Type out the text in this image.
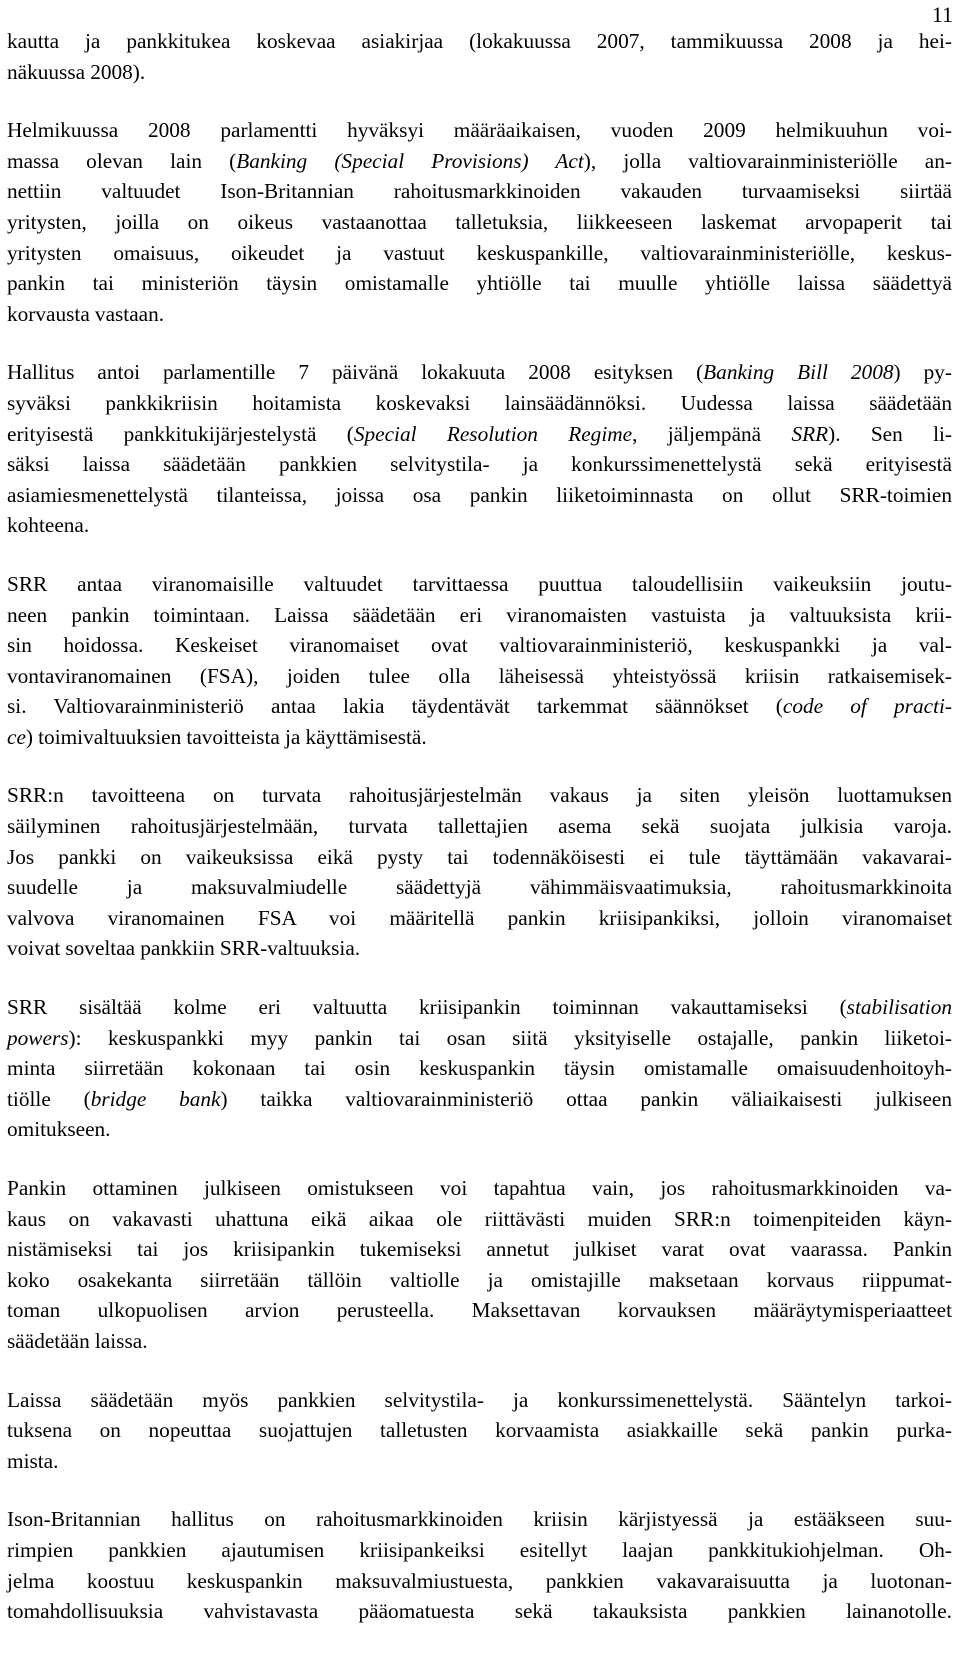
11

kautta ja pankkitukea koskevaa asiakirjaa (lokakuussa 2007, tammikuussa 2008 ja hei-
näkuussa 2008).

Helmikuussa 2008 parlamentti hyväksyi määräaikaisen, vuoden 2009 helmikuuhun voi-
massa olevan lain (Banking (Special Provisions) Act), jolla valtiovarainministeriölle an-
nettiin valtuudet Ison-Britannian rahoitusmarkkinoiden vakauden turvaamiseksi siirtää
yritysten, joilla on oikeus vastaanottaa talletuksia, liikkeeseen laskemat arvopaperit tai
yritysten omaisuus, oikeudet ja vastuut keskuspankille, valtiovarainministeriölle, keskus-
pankin tai ministeriön täysin omistamalle yhtiölle tai muulle yhtiölle laissa säädettyä
korvausta vastaan.

Hallitus antoi parlamentille 7 päivänä lokakuuta 2008 esityksen (Banking Bill 2008) py-
syväksi pankkikriisin hoitamista koskevaksi lainsäädännöksi. Uudessa laissa säädetään
erityisestä pankkitukijärjestelystä (Special Resolution Regime, jäljempänä SRR). Sen li-
säksi laissa säädetään pankkien selvitystila- ja konkurssimenettelystä sekä erityisestä
asiamiesmenettelystä tilanteissa, joissa osa pankin liiketoiminnasta on ollut SRR-toimien
kohteena.

SRR antaa viranomaisille valtuudet tarvittaessa puuttua taloudellisiin vaikeuksiin joutu-
neen pankin toimintaan. Laissa säädetään eri viranomaisten vastuista ja valtuuksista krii-
sin hoidossa. Keskeiset viranomaiset ovat valtiovarainministeriö, keskuspankki ja val-
vontaviranomainen (FSA), joiden tulee olla läheisessä yhteistyössä kriisin ratkaisemisek-
si. Valtiovarainministeriö antaa lakia täydentävät tarkemmat säännökset (code of practi-
ce) toimivaltuuksien tavoitteista ja käyttämisestä.

SRR:n tavoitteena on turvata rahoitusjärjestelmän vakaus ja siten yleisön luottamuksen
säilyminen rahoitusjärjestelmään, turvata tallettajien asema sekä suojata julkisia varoja.
Jos pankki on vaikeuksissa eikä pysty tai todennäköisesti ei tule täyttämään vakavarai-
suudelle ja maksuvalmiudelle säädettyjä vähimmäisvaatimuksia, rahoitusmarkkinoita
valvova viranomainen FSA voi määritellä pankin kriisipankiksi, jolloin viranomaiset
voivat soveltaa pankkiin SRR-valtuuksia.

SRR sisältää kolme eri valtuutta kriisipankin toiminnan vakauttamiseksi (stabilisation
powers): keskuspankki myy pankin tai osan siitä yksityiselle ostajalle, pankin liiketoi-
minta siirretään kokonaan tai osin keskuspankin täysin omistamalle omaisuudenhoitoyh-
tiölle (bridge bank) taikka valtiovarainministeriö ottaa pankin väliaikaisesti julkiseen
omitukseen.

Pankin ottaminen julkiseen omistukseen voi tapahtua vain, jos rahoitusmarkkinoiden va-
kaus on vakavasti uhattuna eikä aikaa ole riittävästi muiden SRR:n toimenpiteiden käyn-
nistämiseksi tai jos kriisipankin tukemiseksi annetut julkiset varat ovat vaarassa. Pankin
koko osakekanta siirretään tällöin valtiolle ja omistajille maksetaan korvaus riippumat-
toman ulkopuolisen arvion perusteella. Maksettavan korvauksen määräytymisperiaatteet
säädetään laissa.

Laissa säädetään myös pankkien selvitystila- ja konkurssimenettelystä. Sääntelyn tarkoi-
tuksena on nopeuttaa suojattujen talletusten korvaamista asiakkaille sekä pankin purka-
mista.

Ison-Britannian hallitus on rahoitusmarkkinoiden kriisin kärjistyessä ja estääkseen suu-
rimpien pankkien ajautumisen kriisipankeiksi esitellyt laajan pankkitukiohjelman. Oh-
jelma koostuu keskuspankin maksuvalmiustuesta, pankkien vakavaraisuutta ja luotonan-
tomahdollisuuksia vahvistavasta pääomatuesta sekä takauksista pankkien lainanotolle.
